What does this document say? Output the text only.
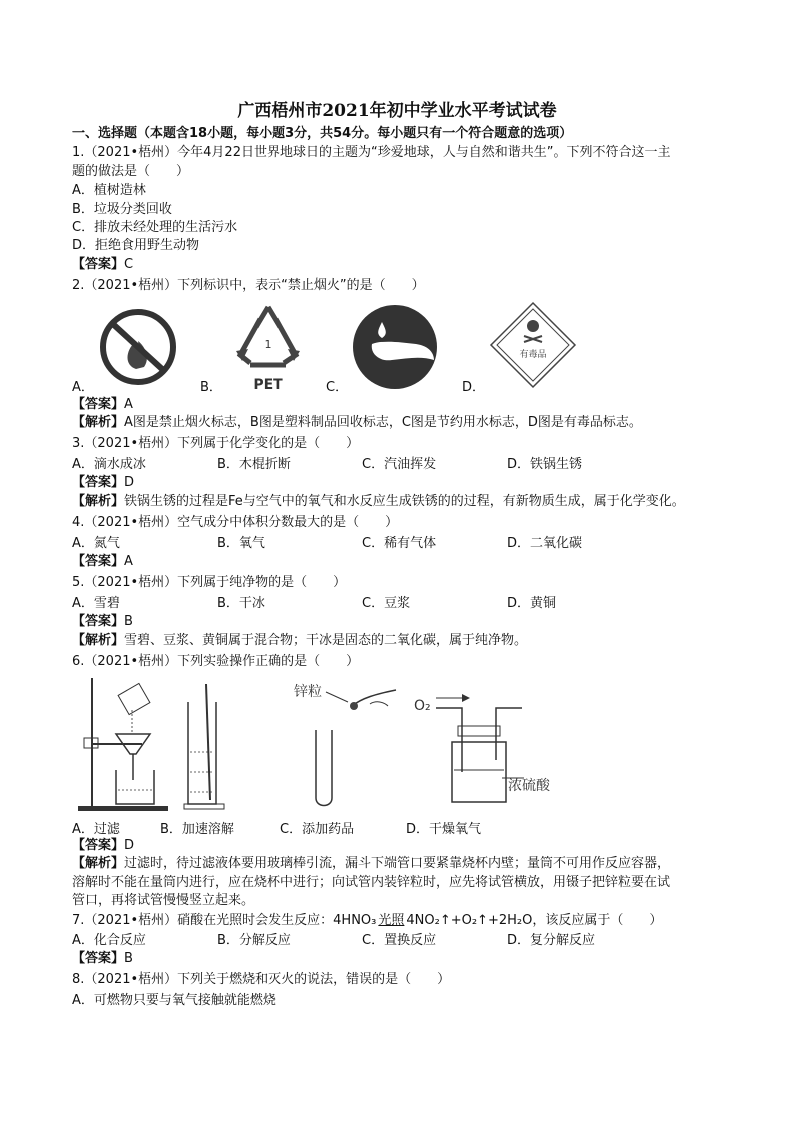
广西梧州市2021年初中学业水平考试试卷
一、选择题（本题含18小题，每小题3分，共54分。每小题只有一个符合题意的选项）
1.（2021•梧州）今年4月22日世界地球日的主题为“珍爱地球，人与自然和谐共生”。下列不符合这一主
题的做法是（　　）
A．植树造林
B．垃圾分类回收
C．排放未经处理的生活污水
D．拒绝食用野生动物
【答案】C
2.（2021•梧州）下列标识中，表示“禁止烟火”的是（　　）
A．
1
PET
B．	C．
有毒品
D．
【答案】A
【解析】A图是禁止烟火标志，B图是塑料制品回收标志，C图是节约用水标志，D图是有毒品标志。
3.（2021•梧州）下列属于化学变化的是（　　）
A．滴水成冰	B．木棍折断	C．汽油挥发	D．铁锅生锈
【答案】D
【解析】铁锅生锈的过程是Fe与空气中的氧气和水反应生成铁锈的的过程，有新物质生成，属于化学变化。
4.（2021•梧州）空气成分中体积分数最大的是（　　）
A．氮气	B．氧气	C．稀有气体	D．二氧化碳
【答案】A
5.（2021•梧州）下列属于纯净物的是（　　）
A．雪碧	B．干冰	C．豆浆	D．黄铜
【答案】B
【解析】雪碧、豆浆、黄铜属于混合物；干冰是固态的二氧化碳，属于纯净物。
6.（2021•梧州）下列实验操作正确的是（　　）
A．过滤	B．加速溶解
锌粒
C．添加药品
O₂
浓硫酸
D．干燥氧气
【答案】D
【解析】过滤时，待过滤液体要用玻璃棒引流，漏斗下端管口要紧靠烧杯内壁；量筒不可用作反应容器，
溶解时不能在量筒内进行，应在烧杯中进行；向试管内装锌粒时，应先将试管横放，用镊子把锌粒要在试
管口，再将试管慢慢竖立起来。
7.（2021•梧州）硝酸在光照时会发生反应：4HNO₃ 光照 4NO₂↑+O₂↑+2H₂O，该反应属于（　　）
A．化合反应	B．分解反应	C．置换反应	D．复分解反应
【答案】B
8.（2021•梧州）下列关于燃烧和灭火的说法，错误的是（　　）
A．可燃物只要与氧气接触就能燃烧
